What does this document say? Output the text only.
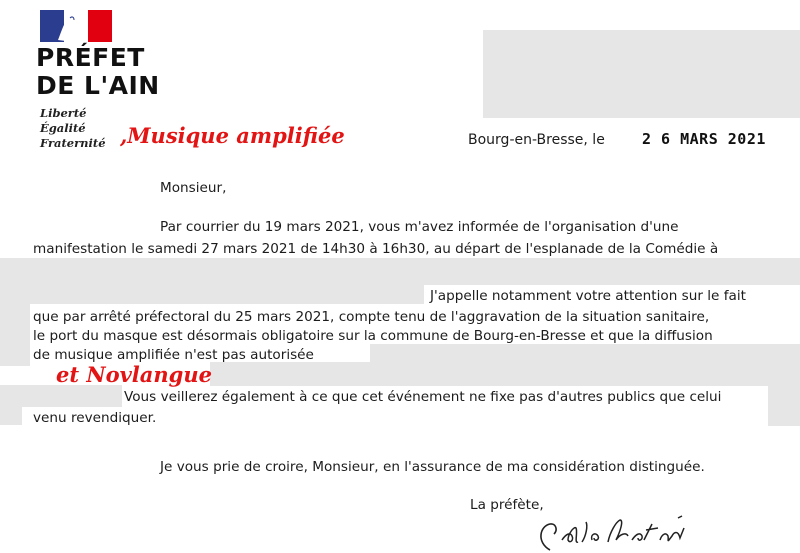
PRÉFET
DE L'AIN
Liberté
Égalité
Fraternité ,Musique amplifiée	Bourg-en-Bresse, le 2 6 MARS 2021
Monsieur,
Par courrier du 19 mars 2021, vous m'avez informée de l'organisation d'une
manifestation le samedi 27 mars 2021 de 14h30 à 16h30, au départ de l'esplanade de la Comédie à
J'appelle notamment votre attention sur le fait
que par arrêté préfectoral du 25 mars 2021, compte tenu de l'aggravation de la situation sanitaire,
le port du masque est désormais obligatoire sur la commune de Bourg-en-Bresse et que la diffusion
de musique amplifiée n'est pas autorisée
et Novlangue
Vous veillerez également à ce que cet événement ne fixe pas d'autres publics que celui
venu revendiquer.
Je vous prie de croire, Monsieur, en l'assurance de ma considération distinguée.
La préfète,
